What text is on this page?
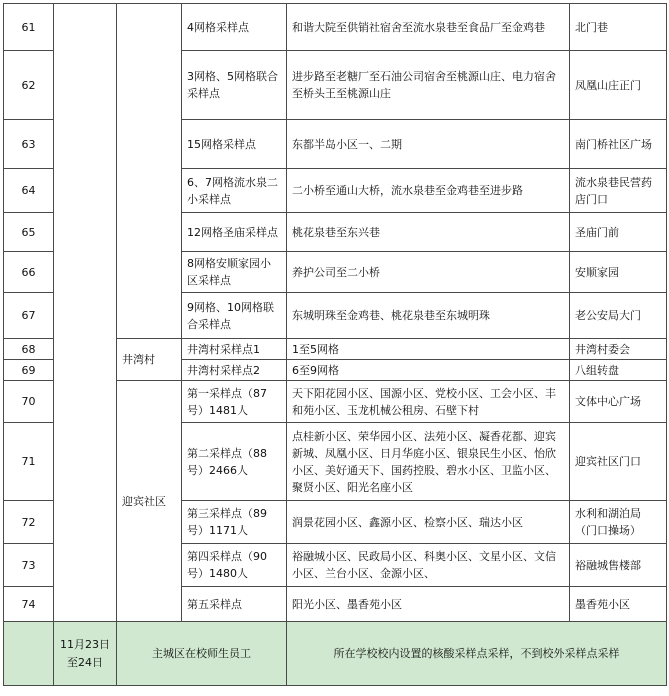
61			4网格采样点	和谐大院至供销社宿舍至流水泉巷至食品厂至金鸡巷	北门巷
62			3网格、5网格联合采样点	进步路至老糖厂至石油公司宿舍至桃源山庄、电力宿舍至桥头王至桃源山庄	凤凰山庄正门
63			15网格采样点	东都半岛小区一、二期	南门桥社区广场
64			6、7网格流水泉二小采样点	二小桥至通山大桥，流水泉巷至金鸡巷至进步路	流水泉巷民营药店门口
65			12网格圣庙采样点	桃花泉巷至东兴巷	圣庙门前
66			8网格安顺家园小区采样点	养护公司至二小桥	安顺家园
67			9网格、10网格联合采样点	东城明珠至金鸡巷、桃花泉巷至东城明珠	老公安局大门
68		井湾村	井湾村采样点1	1至5网格	井湾村委会
69			井湾村采样点2	6至9网格	八组转盘
70		迎宾社区	第一采样点（87号）1481人	天下阳花园小区、国源小区、党校小区、工会小区、丰和苑小区、玉龙机械公租房、石壁下村	文体中心广场
71			第二采样点（88号）2466人	点桂新小区、荣华园小区、法苑小区、凝香花都、迎宾新城、凤凰小区、日月华庭小区、银泉民生小区、怡欣小区、美好通天下、国药控股、碧水小区、卫监小区、聚贤小区、阳光名座小区	迎宾社区门口
72			第三采样点（89号）1171人	润景花园小区、鑫源小区、检察小区、瑞达小区	水利和湖泊局（门口操场）
73			第四采样点（90号）1480人	裕融城小区、民政局小区、科奥小区、文星小区、文信小区、兰台小区、金源小区、	裕融城售楼部
74			第五采样点	阳光小区、墨香苑小区	墨香苑小区
	11月23日至24日	主城区在校师生员工		所在学校校内设置的核酸采样点采样，不到校外采样点采样	
